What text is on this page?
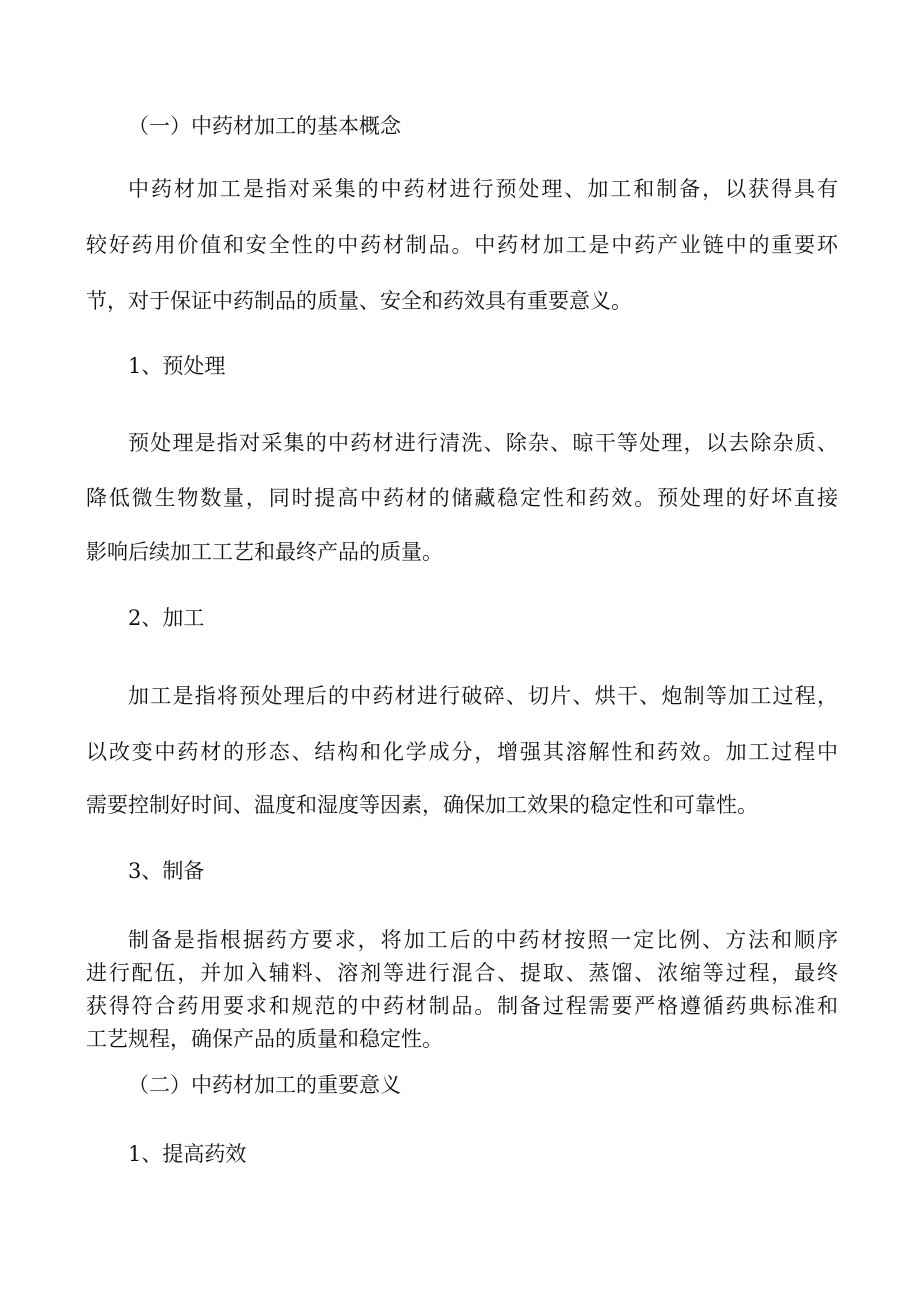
（一）中药材加工的基本概念
中药材加工是指对采集的中药材进行预处理、加工和制备，以获得具有
较好药用价值和安全性的中药材制品。中药材加工是中药产业链中的重要环
节，对于保证中药制品的质量、安全和药效具有重要意义。
1、预处理
预处理是指对采集的中药材进行清洗、除杂、晾干等处理，以去除杂质、
降低微生物数量，同时提高中药材的储藏稳定性和药效。预处理的好坏直接
影响后续加工工艺和最终产品的质量。
2、加工
加工是指将预处理后的中药材进行破碎、切片、烘干、炮制等加工过程，
以改变中药材的形态、结构和化学成分，增强其溶解性和药效。加工过程中
需要控制好时间、温度和湿度等因素，确保加工效果的稳定性和可靠性。
3、制备
制备是指根据药方要求，将加工后的中药材按照一定比例、方法和顺序
进行配伍，并加入辅料、溶剂等进行混合、提取、蒸馏、浓缩等过程，最终
获得符合药用要求和规范的中药材制品。制备过程需要严格遵循药典标准和
工艺规程，确保产品的质量和稳定性。
（二）中药材加工的重要意义
1、提高药效
